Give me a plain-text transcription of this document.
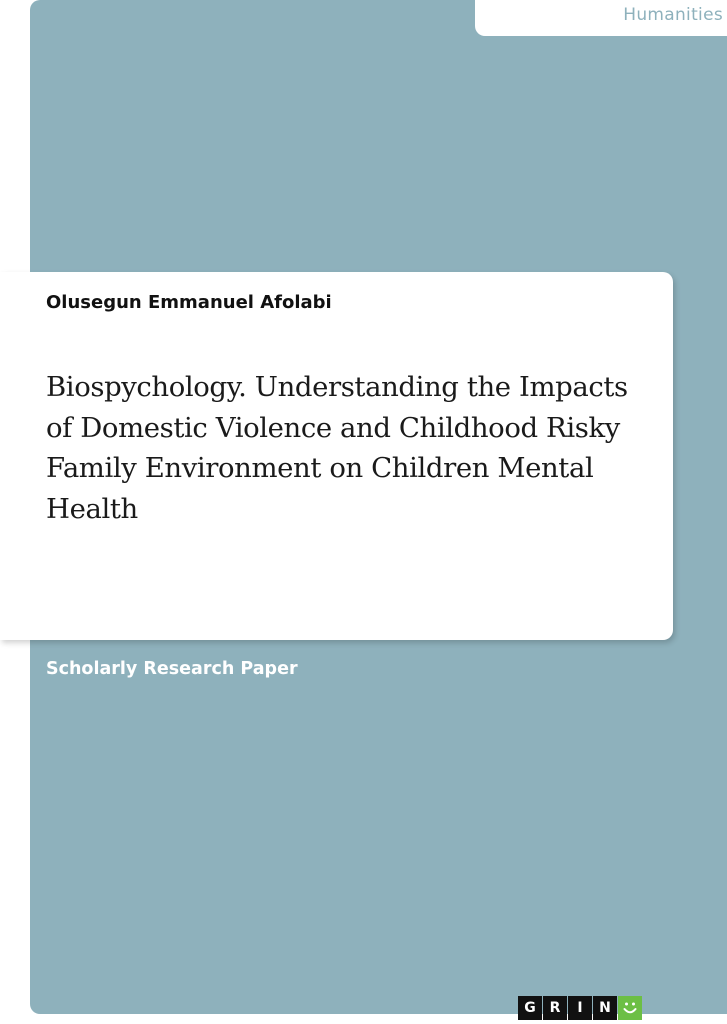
Humanities
Olusegun Emmanuel Afolabi
Biospychology. Understanding the Impacts
of Domestic Violence and Childhood Risky
Family Environment on Children Mental
Health
Scholarly Research Paper
G R	I	N
